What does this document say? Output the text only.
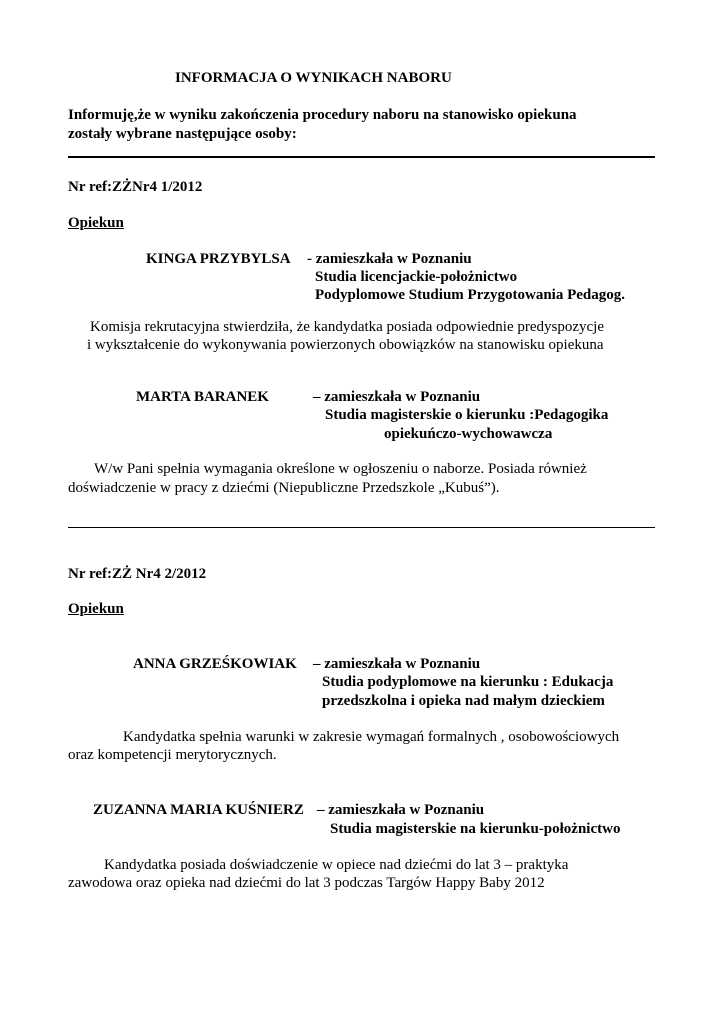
INFORMACJA O WYNIKACH NABORU

Informuję,że w wyniku zakończenia procedury naboru na stanowisko opiekuna

zostały wybrane następujące osoby:

Nr ref:ZŻNr4 1/2012

Opiekun

KINGA PRZYBYLSA - zamieszkała w Poznaniu

Studia licencjackie-położnictwo

Podyplomowe Studium Przygotowania Pedagog.

Komisja rekrutacyjna stwierdziła, że kandydatka posiada odpowiednie predyspozycje

i wykształcenie do wykonywania powierzonych obowiązków na stanowisku opiekuna

MARTA BARANEK	– zamieszkała w Poznaniu

Studia magisterskie o kierunku :Pedagogika

opiekuńczo-wychowawcza

W/w Pani spełnia wymagania określone w ogłoszeniu o naborze. Posiada również

doświadczenie w pracy z dziećmi (Niepubliczne Przedszkole „Kubuś”).

Nr ref:ZŻ Nr4 2/2012

Opiekun

ANNA GRZEŚKOWIAK – zamieszkała w Poznaniu

Studia podyplomowe na kierunku : Edukacja

przedszkolna i opieka nad małym dzieckiem

Kandydatka spełnia warunki w zakresie wymagań formalnych , osobowościowych

oraz kompetencji merytorycznych.

ZUZANNA MARIA KUŚNIERZ – zamieszkała w Poznaniu

Studia magisterskie na kierunku-położnictwo

Kandydatka posiada doświadczenie w opiece nad dziećmi do lat 3 – praktyka

zawodowa oraz opieka nad dziećmi do lat 3 podczas Targów Happy Baby 2012
